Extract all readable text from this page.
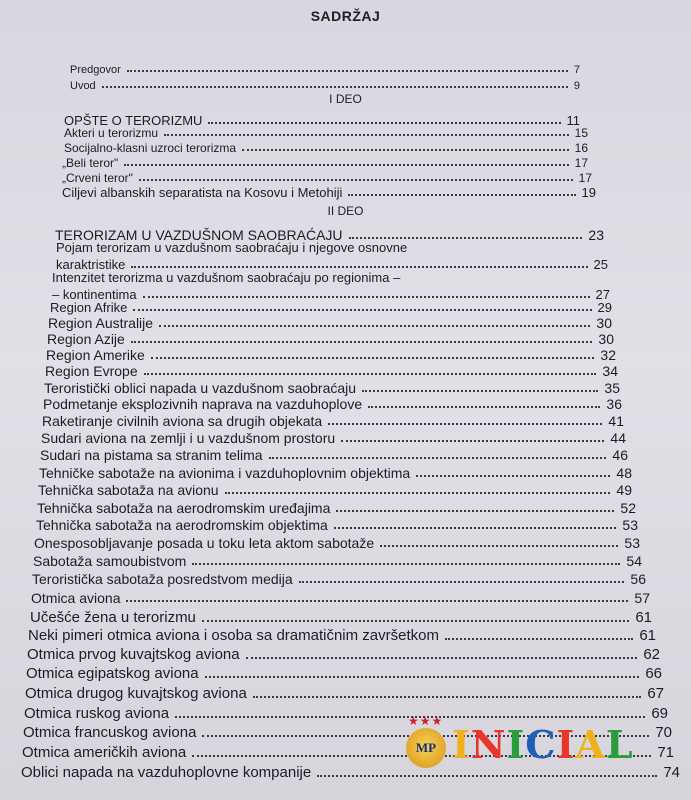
SADRŽAJ
I DEO
II DEO
Predgovor	7
Uvod	9
OPŠTE O TERORIZMU	11
Akteri u terorizmu	15
Socijalno-klasni uzroci terorizma	16
„Beli teror"	17
„Crveni teror"	17
Ciljevi albanskih separatista na Kosovu i Metohiji	19
TERORIZAM U VAZDUŠNOM SAOBRAĆAJU	23
Pojam terorizam u vazdušnom saobraćaju i njegove osnovne
karaktristike	25
Intenzitet terorizma u vazdušnom saobraćaju po regionima –
– kontinentima	27
Region Afrike	29
Region Australije	30
Region Azije	30
Region Amerike	32
Region Evrope	34
Teroristički oblici napada u vazdušnom saobraćaju	35
Podmetanje eksplozivnih naprava na vazduhoplove	36
Raketiranje civilnih aviona sa drugih objekata	41
Sudari aviona na zemlji i u vazdušnom prostoru	44
Sudari na pistama sa stranim telima	46
Tehničke sabotaže na avionima i vazduhoplovnim objektima	48
Tehnička sabotaža na avionu	49
Tehnička sabotaža na aerodromskim uređajima	52
Tehnička sabotaža na aerodromskim objektima	53
Onesposobljavanje posada u toku leta aktom sabotaže	53
Sabotaža samoubistvom	54
Teroristička sabotaža posredstvom medija	56
Otmica aviona	57
Učešće žena u terorizmu	61
Neki pimeri otmica aviona i osoba sa dramatičnim završetkom	61
Otmica prvog kuvajtskog aviona	62
Otmica egipatskog aviona	66
Otmica drugog kuvajtskog aviona	67
Otmica ruskog aviona	69
Otmica francuskog aviona	70
Otmica američkih aviona	71
Oblici napada na vazduhoplovne kompanije	74
★★★
MP INICIAL
